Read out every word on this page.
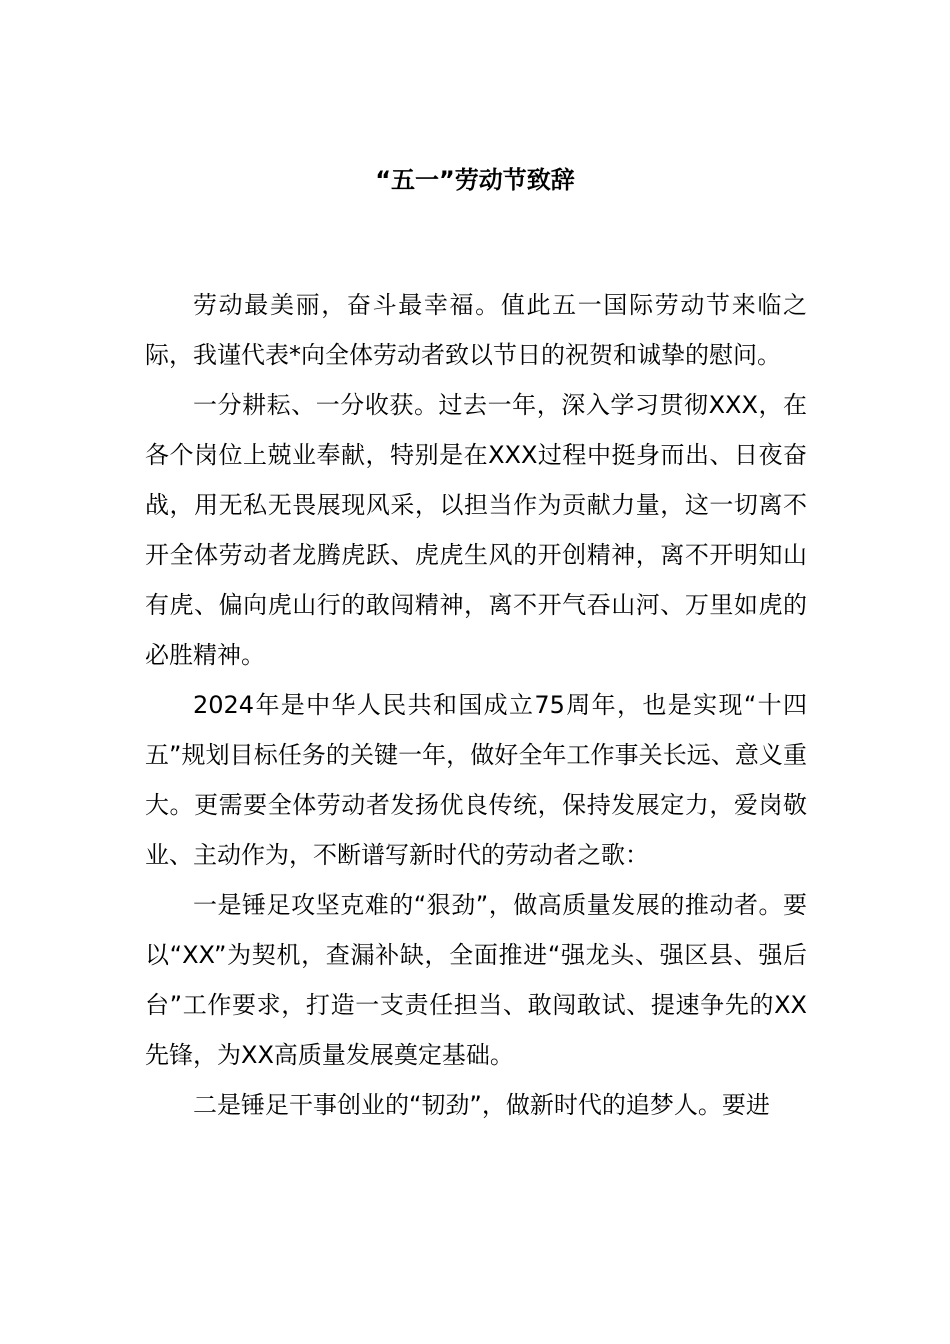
“五一”劳动节致辞

劳动最美丽，奋斗最幸福。值此五一国际劳动节来临之际，我谨代表*向全体劳动者致以节日的祝贺和诚挚的慰问。

一分耕耘、一分收获。过去一年，深入学习贯彻XXX，在各个岗位上兢业奉献，特别是在XXX过程中挺身而出、日夜奋战，用无私无畏展现风采，以担当作为贡献力量，这一切离不开全体劳动者龙腾虎跃、虎虎生风的开创精神，离不开明知山有虎、偏向虎山行的敢闯精神，离不开气吞山河、万里如虎的必胜精神。

2024年是中华人民共和国成立75周年，也是实现“十四五”规划目标任务的关键一年，做好全年工作事关长远、意义重大。更需要全体劳动者发扬优良传统，保持发展定力，爱岗敬业、主动作为，不断谱写新时代的劳动者之歌：

一是锤足攻坚克难的“狠劲”，做高质量发展的推动者。要以“XX”为契机，查漏补缺，全面推进“强龙头、强区县、强后台”工作要求，打造一支责任担当、敢闯敢试、提速争先的XX先锋，为XX高质量发展奠定基础。

二是锤足干事创业的“韧劲”，做新时代的追梦人。要进
